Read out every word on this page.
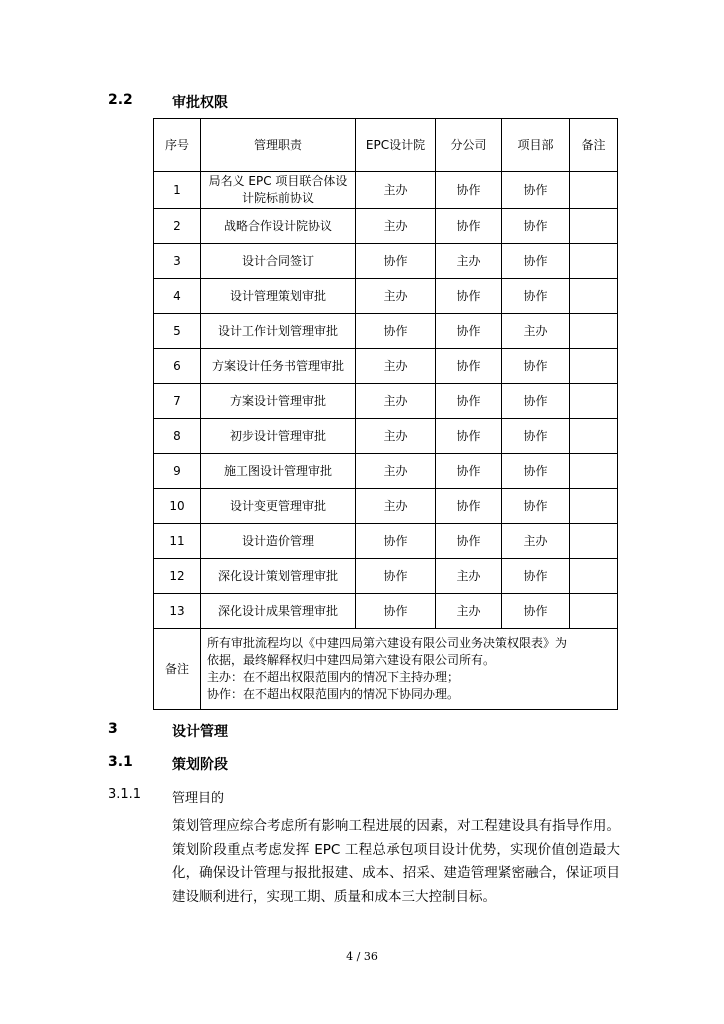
2.2	审批权限
序号	管理职责	EPC设计院	分公司	项目部	备注
1	局名义 EPC 项目联合体设计院标前协议	主办	协作	协作	
2	战略合作设计院协议	主办	协作	协作	
3	设计合同签订	协作	主办	协作	
4	设计管理策划审批	主办	协作	协作	
5	设计工作计划管理审批	协作	协作	主办	
6	方案设计任务书管理审批	主办	协作	协作	
7	方案设计管理审批	主办	协作	协作	
8	初步设计管理审批	主办	协作	协作	
9	施工图设计管理审批	主办	协作	协作	
10	设计变更管理审批	主办	协作	协作	
11	设计造价管理	协作	协作	主办	
12	深化设计策划管理审批	协作	主办	协作	
13	深化设计成果管理审批	协作	主办	协作	
备注	所有审批流程均以《中建四局第六建设有限公司业务决策权限表》为
依据，最终解释权归中建四局第六建设有限公司所有。
主办：在不超出权限范围内的情况下主持办理；
协作：在不超出权限范围内的情况下协同办理。				
3	设计管理
3.1	策划阶段
3.1.1 管理目的
策划管理应综合考虑所有影响工程进展的因素，对工程建设具有指导作用。策划阶段重点考虑发挥 EPC 工程总承包项目设计优势，实现价值创造最大化，确保设计管理与报批报建、成本、招采、建造管理紧密融合，保证项目建设顺利进行，实现工期、质量和成本三大控制目标。
4 / 36
